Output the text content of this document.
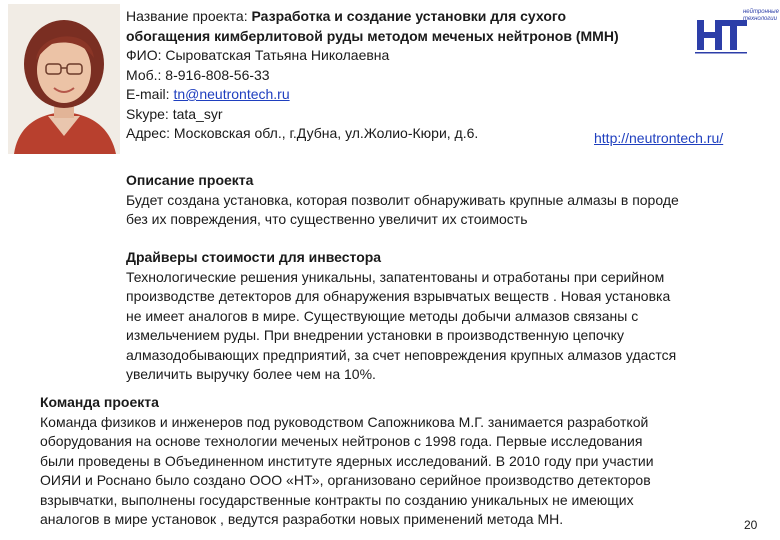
нейтронные
технологии
Название проекта: Разработка и создание установки для сухого
обогащения кимберлитовой руды методом меченых нейтронов (ММН)
ФИО: Сыроватская Татьяна Николаевна
Моб.: 8-916-808-56-33
E-mail: tn@neutrontech.ru
Skype: tata_syr
Адрес: Московская обл., г.Дубна, ул.Жолио-Кюри, д.6.	http://neutrontech.ru/
Описание проекта
Будет создана установка, которая позволит обнаруживать крупные алмазы в породе
без их повреждения, что существенно увеличит их стоимость
Драйверы стоимости для инвестора
Технологические решения уникальны, запатентованы и отработаны при серийном
производстве детекторов для обнаружения взрывчатых веществ . Новая установка
не имеет аналогов в мире. Существующие методы добычи алмазов связаны с
измельчением руды. При внедрении установки в производственную цепочку
алмазодобывающих предприятий, за счет неповреждения крупных алмазов удастся
увеличить выручку более чем на 10%.
Команда проекта
Команда физиков и инженеров под руководством Сапожникова М.Г. занимается разработкой
оборудования на основе технологии меченых нейтронов с 1998 года. Первые исследования
были проведены в Объединенном институте ядерных исследований. В 2010 году при участии
ОИЯИ и Роснано было создано ООО «НТ», организовано серийное производство детекторов
взрывчатки, выполнены государственные контракты по созданию уникальных не имеющих
аналогов в мире установок , ведутся разработки новых применений метода МН.	20
